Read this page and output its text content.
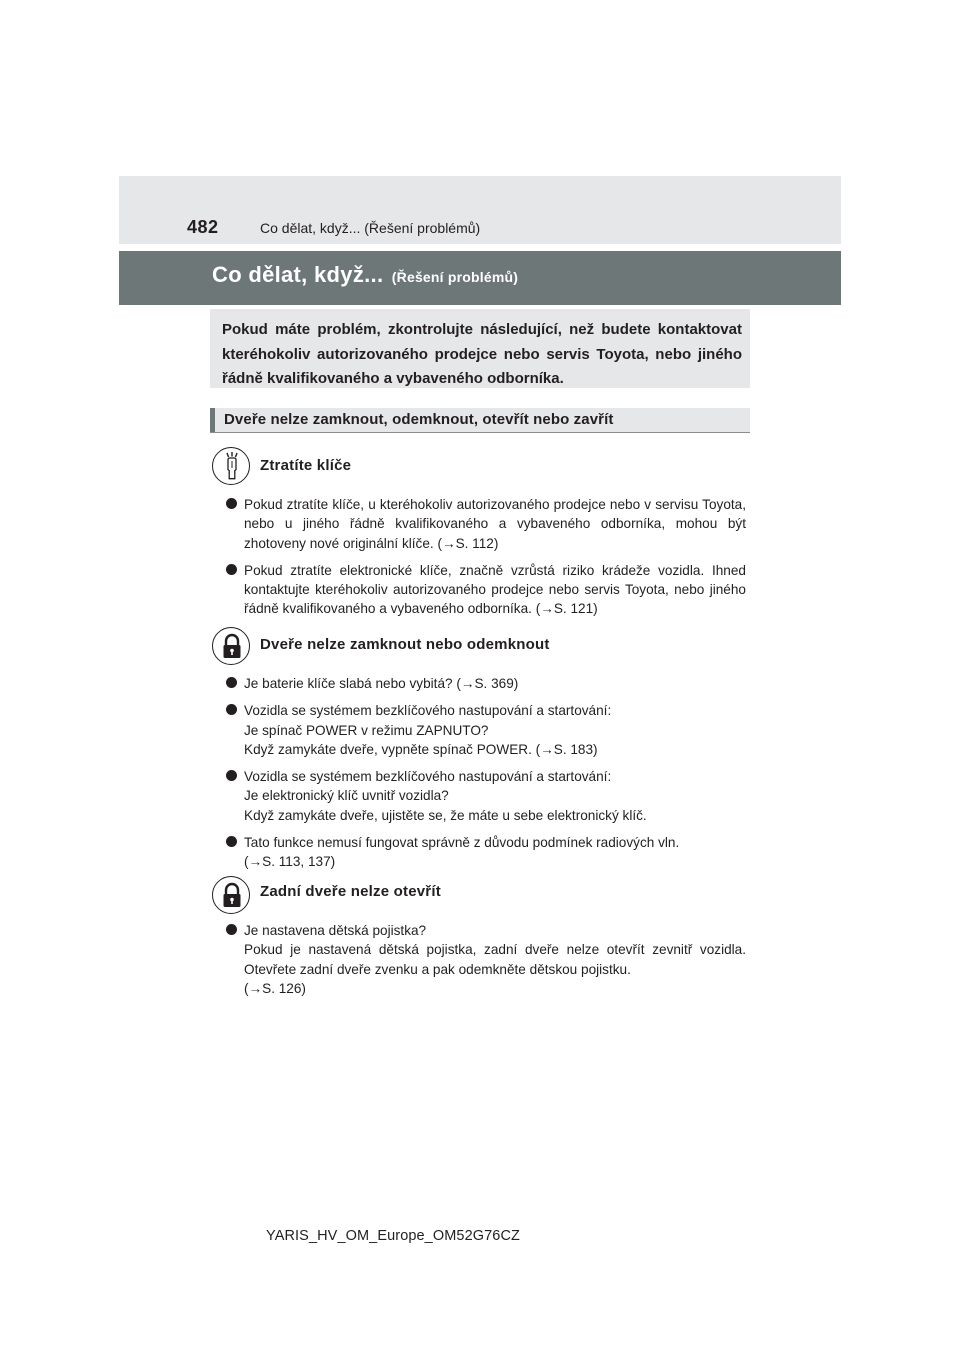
482	Co dělat, když... (Řešení problémů)
Co dělat, když... (Řešení problémů)
Pokud máte problém, zkontrolujte následující, než budete kontaktovat kteréhokoliv autorizovaného prodejce nebo servis Toyota, nebo jiného řádně kvalifikovaného a vybaveného odborníka.
Dveře nelze zamknout, odemknout, otevřít nebo zavřít
Ztratíte klíče
Pokud ztratíte klíče, u kteréhokoliv autorizovaného prodejce nebo v servisu Toyota, nebo u jiného řádně kvalifikovaného a vybaveného odborníka, mohou být zhotoveny nové originální klíče. (→S. 112)
Pokud ztratíte elektronické klíče, značně vzrůstá riziko krádeže vozidla. Ihned kontaktujte kteréhokoliv autorizovaného prodejce nebo servis Toyota, nebo jiného řádně kvalifikovaného a vybaveného odborníka. (→S. 121)
Dveře nelze zamknout nebo odemknout
Je baterie klíče slabá nebo vybitá? (→S. 369)
Vozidla se systémem bezklíčového nastupování a startování:
Je spínač POWER v režimu ZAPNUTO?
Když zamykáte dveře, vypněte spínač POWER. (→S. 183)
Vozidla se systémem bezklíčového nastupování a startování:
Je elektronický klíč uvnitř vozidla?
Když zamykáte dveře, ujistěte se, že máte u sebe elektronický klíč.
Tato funkce nemusí fungovat správně z důvodu podmínek radiových vln.
(→S. 113, 137)
Zadní dveře nelze otevřít
Je nastavena dětská pojistka?
Pokud je nastavená dětská pojistka, zadní dveře nelze otevřít zevnitř vozidla. Otevřete zadní dveře zvenku a pak odemkněte dětskou pojistku.
(→S. 126)
YARIS_HV_OM_Europe_OM52G76CZ
